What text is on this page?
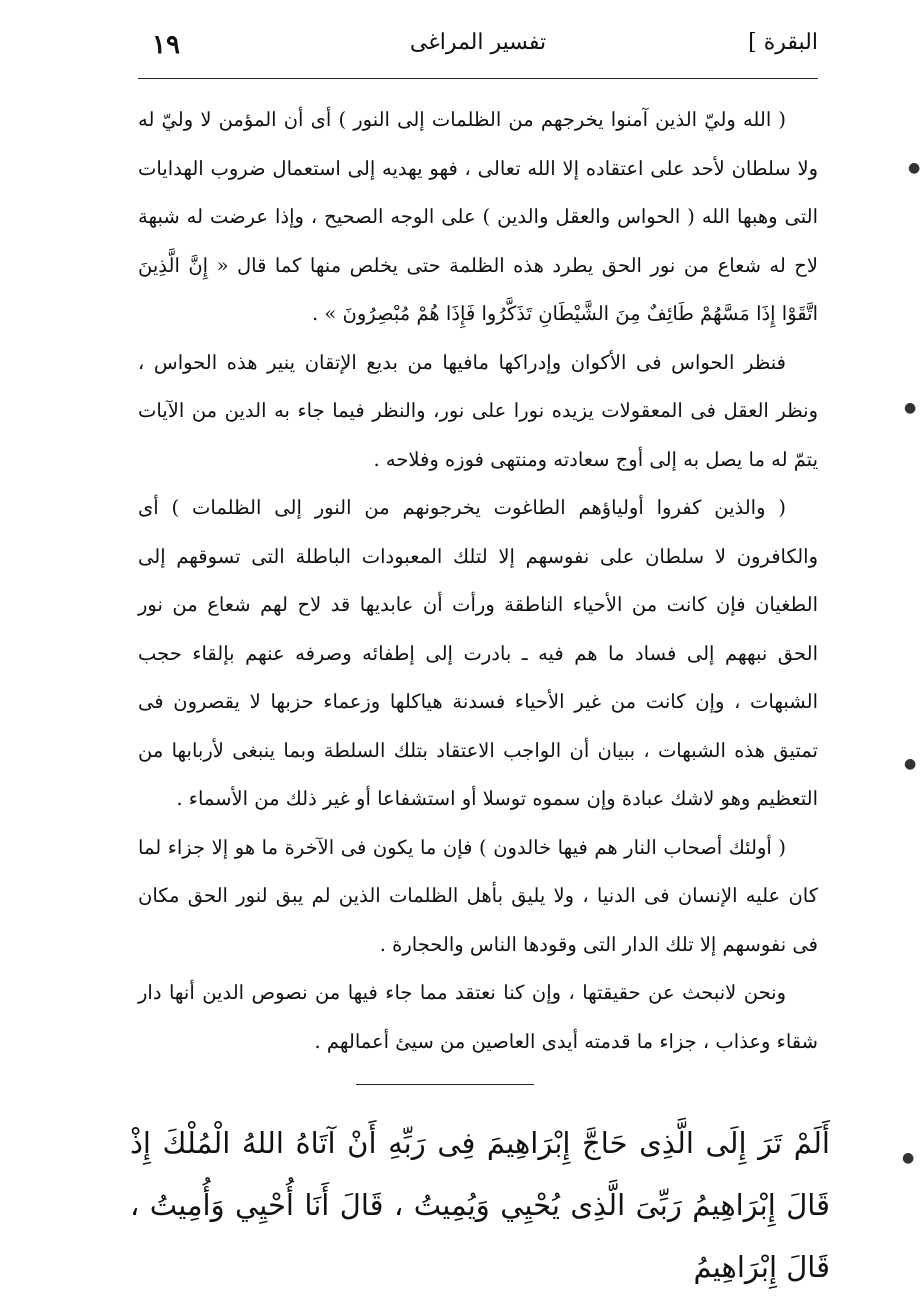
البقرة ]
تفسير المراغى
١٩

( الله وليّ الذين آمنوا يخرجهم من الظلمات إلى النور ) أى أن المؤمن لا وليّ له ولا سلطان لأحد على اعتقاده إلا الله تعالى ، فهو يهديه إلى استعمال ضروب الهدايات التى وهبها الله ( الحواس والعقل والدين ) على الوجه الصحيح ، وإذا عرضت له شبهة لاح له شعاع من نور الحق يطرد هذه الظلمة حتى يخلص منها كما قال « إِنَّ الَّذِينَ اتَّقَوْا إِذَا مَسَّهُمْ طَائِفٌ مِنَ الشَّيْطَانِ تَذَكَّرُوا فَإِذَا هُمْ مُبْصِرُونَ » .

فنظر الحواس فى الأكوان وإدراكها مافيها من بديع الإتقان ينير هذه الحواس ، ونظر العقل فى المعقولات يزيده نورا على نور، والنظر فيما جاء به الدين من الآيات يتمّ له ما يصل به إلى أوج سعادته ومنتهى فوزه وفلاحه .

( والذين كفروا أولياؤهم الطاغوت يخرجونهم من النور إلى الظلمات ) أى والكافرون لا سلطان على نفوسهم إلا لتلك المعبودات الباطلة التى تسوقهم إلى الطغيان فإن كانت من الأحياء الناطقة ورأت أن عابديها قد لاح لهم شعاع من نور الحق نبههم إلى فساد ما هم فيه ـ بادرت إلى إطفائه وصرفه عنهم بإلقاء حجب الشبهات ، وإن كانت من غير الأحياء فسدنة هياكلها وزعماء حزبها لا يقصرون فى تمتيق هذه الشبهات ، ببيان أن الواجب الاعتقاد بتلك السلطة وبما ينبغى لأربابها من التعظيم وهو لاشك عبادة وإن سموه توسلا أو استشفاعا أو غير ذلك من الأسماء .

( أولئك أصحاب النار هم فيها خالدون ) فإن ما يكون فى الآخرة ما هو إلا جزاء لما كان عليه الإنسان فى الدنيا ، ولا يليق بأهل الظلمات الذين لم يبق لنور الحق مكان فى نفوسهم إلا تلك الدار التى وقودها الناس والحجارة .

ونحن لانبحث عن حقيقتها ، وإن كنا نعتقد مما جاء فيها من نصوص الدين أنها دار شقاء وعذاب ، جزاء ما قدمته أيدى العاصين من سيئ أعمالهم .

أَلَمْ تَرَ إِلَى الَّذِى حَاجَّ إِبْرَاهِيمَ فِى رَبِّهِ أَنْ آتَاهُ اللهُ الْمُلْكَ إِذْ قَالَ إِبْرَاهِيمُ رَبِّىَ الَّذِى يُحْيِي وَيُمِيتُ ، قَالَ أَنَا أُحْيِي وَأُمِيتُ ، قَالَ إِبْرَاهِيمُ
●
●
●
●
